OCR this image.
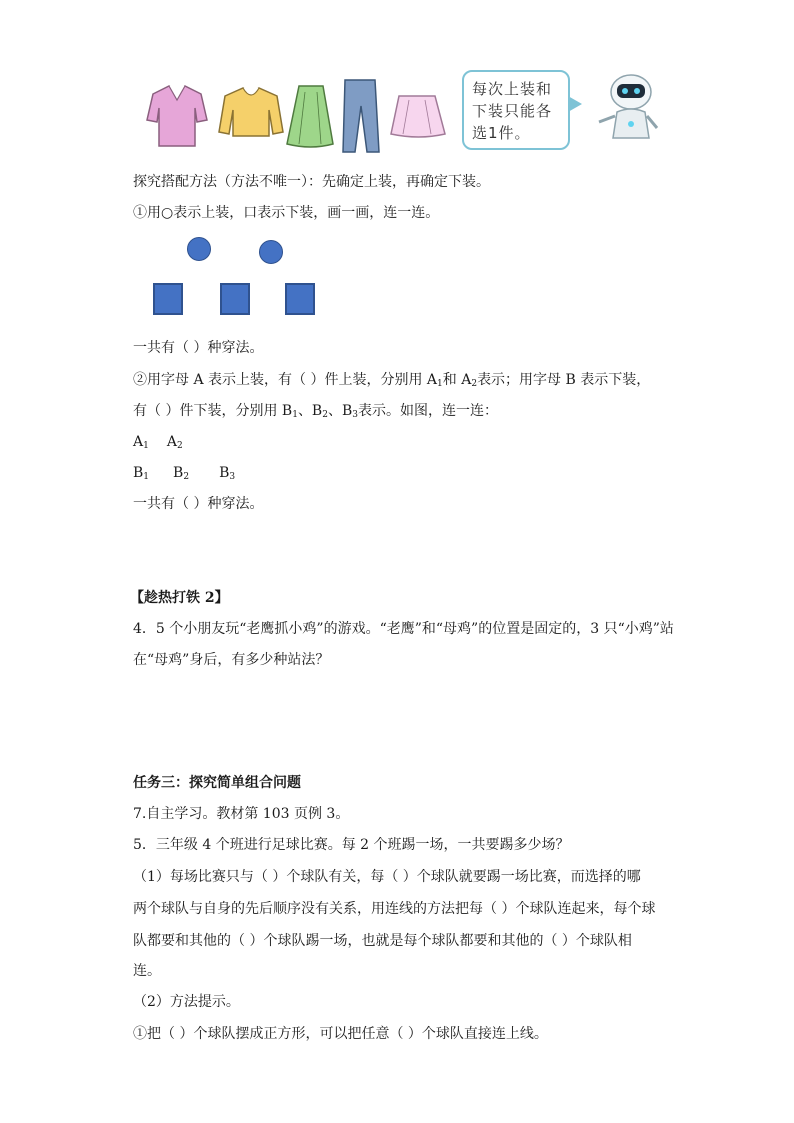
每次上装和下装只能各选1件。
探究搭配方法（方法不唯一）：先确定上装，再确定下装。
①用○表示上装，口表示下装，画一画，连一连。
一共有（ ）种穿法。
②用字母 A 表示上装，有（ ）件上装，分别用 $A_1$和 $A_2$表示；用字母 B 表示下装，
有（ ）件下装，分别用 $B_1$、$B_2$、$B_3$表示。如图，连一连：
$A_1$ $A_2$
$B_1$ $B_2$ $B_3$
一共有（ ）种穿法。
【趁热打铁 2】
4．5 个小朋友玩“老鹰抓小鸡”的游戏。“老鹰”和“母鸡”的位置是固定的，3 只“小鸡”站
在“母鸡”身后，有多少种站法？
任务三：探究简单组合问题
7.自主学习。教材第 103 页例 3。
5．三年级 4 个班进行足球比赛。每 2 个班踢一场，一共要踢多少场？
（1）每场比赛只与（ ）个球队有关，每（ ）个球队就要踢一场比赛，而选择的哪
两个球队与自身的先后顺序没有关系，用连线的方法把每（ ）个球队连起来，每个球
队都要和其他的（ ）个球队踢一场，也就是每个球队都要和其他的（ ）个球队相
连。
（2）方法提示。
①把（ ）个球队摆成正方形，可以把任意（ ）个球队直接连上线。
